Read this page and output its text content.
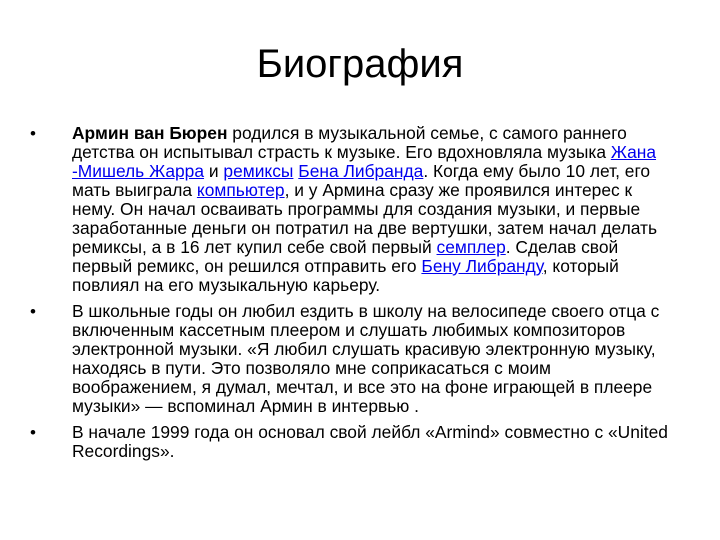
Биография
• Армин ван Бюрен родился в музыкальной семье, с самого раннего детства он испытывал страсть к музыке. Его вдохновляла музыка Жана -Мишель Жарра и ремиксы Бена Либранда. Когда ему было 10 лет, его мать выиграла компьютер, и у Армина сразу же проявился интерес к нему. Он начал осваивать программы для создания музыки, и первые заработанные деньги он потратил на две вертушки, затем начал делать ремиксы, а в 16 лет купил себе свой первый семплер. Сделав свой первый ремикс, он решился отправить его Бену Либранду, который повлиял на его музыкальную карьеру.
• В школьные годы он любил ездить в школу на велосипеде своего отца с включенным кассетным плеером и слушать любимых композиторов электронной музыки. «Я любил слушать красивую электронную музыку, находясь в пути. Это позволяло мне соприкасаться с моим воображением, я думал, мечтал, и все это на фоне играющей в плеере музыки» — вспоминал Армин в интервью .
• В начале 1999 года он основал свой лейбл «Armind» совместно с «United Recordings».
